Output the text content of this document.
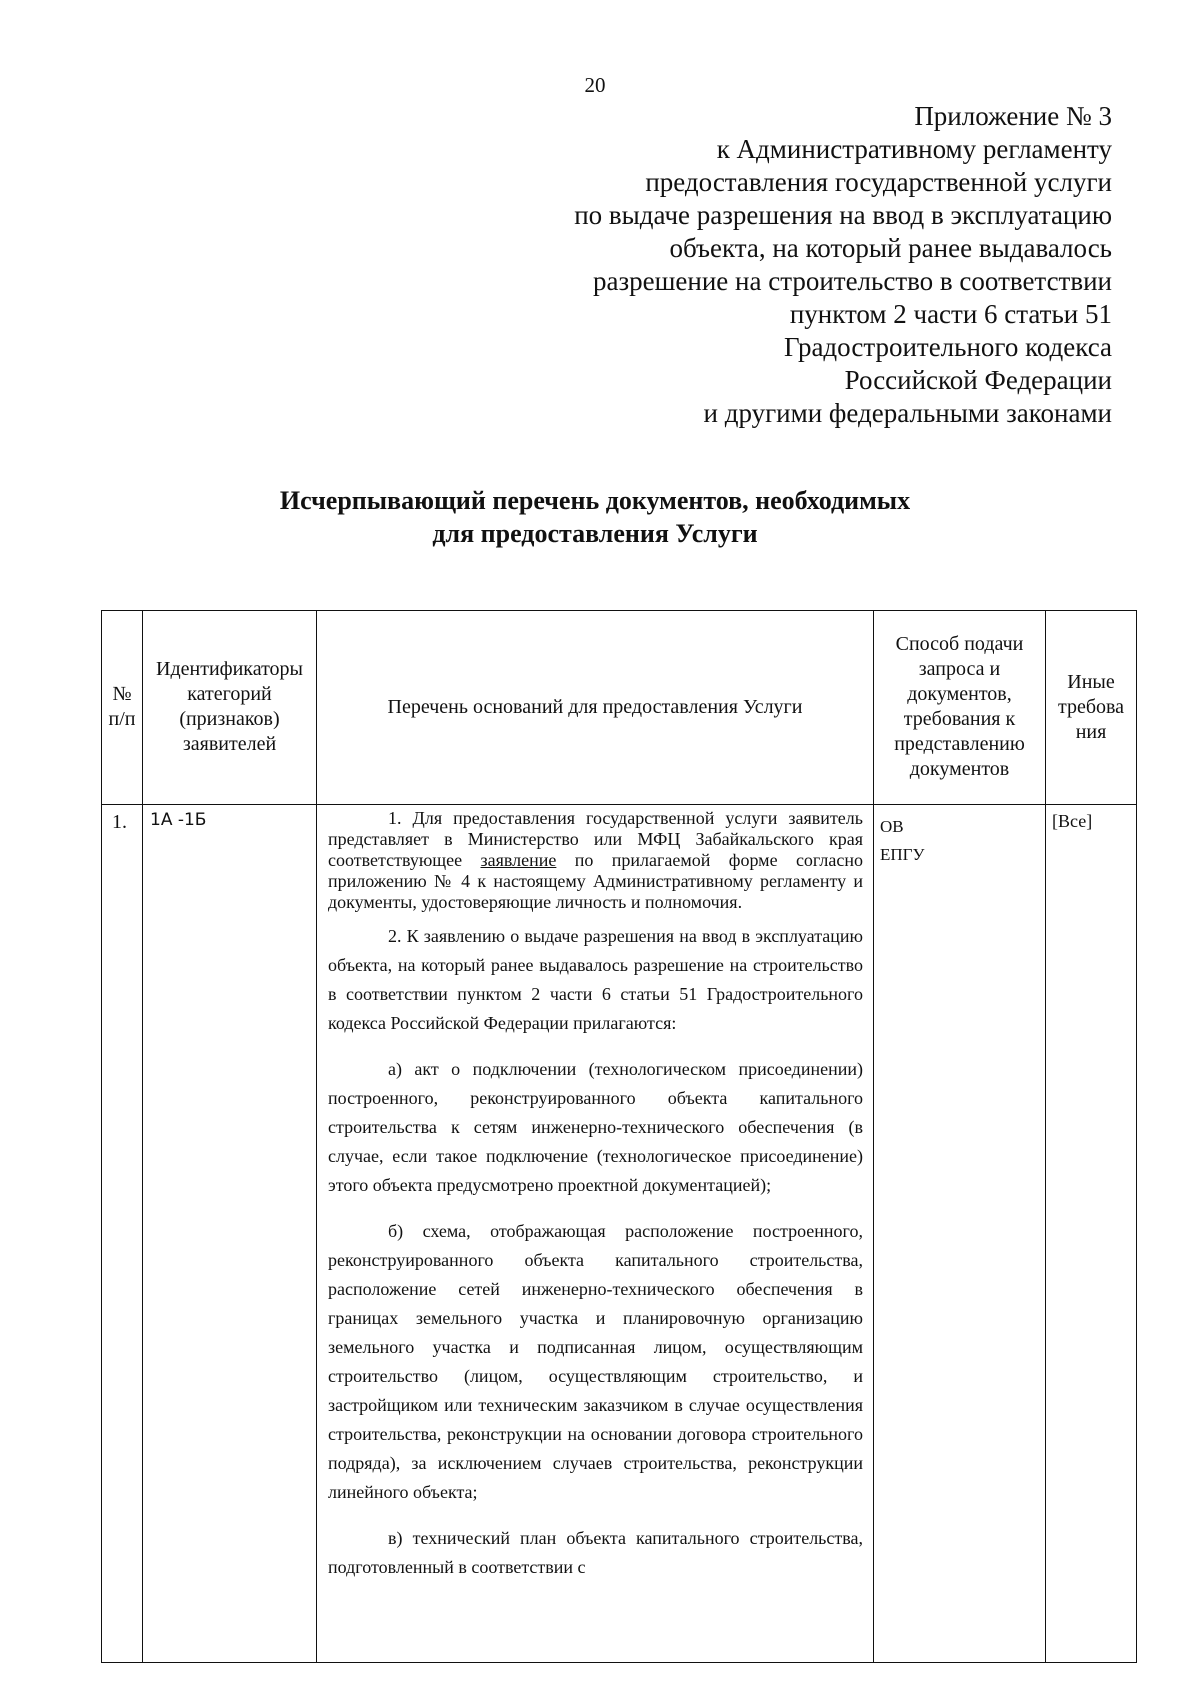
20
Приложение № 3
к Административному регламенту
предоставления государственной услуги
по выдаче разрешения на ввод в эксплуатацию
объекта, на который ранее выдавалось
разрешение на строительство в соответствии
пунктом 2 части 6 статьи 51
Градостроительного кодекса
Российской Федерации
и другими федеральными законами
Исчерпывающий перечень документов, необходимых
для предоставления Услуги
№ п/п
Идентификаторы категорий (признаков) заявителей
Перечень оснований для предоставления Услуги
Способ подачи запроса и документов, требования к представлению документов
Иные требова ния
1. 1А -1Б	1. Для предоставления государственной услуги заявитель представляет в Министерство или МФЦ Забайкальского края соответствующее заявление по прилагаемой форме согласно приложению № 4 к настоящему Административному регламенту и документы, удостоверяющие личность и полномочия.

2. К заявлению о выдаче разрешения на ввод в эксплуатацию объекта, на который ранее выдавалось разрешение на строительство в соответствии пунктом 2 части 6 статьи 51 Градостроительного кодекса Российской Федерации прилагаются:

а) акт о подключении (технологическом присоединении) построенного, реконструированного объекта капитального строительства к сетям инженерно-технического обеспечения (в случае, если такое подключение (технологическое присоединение) этого объекта предусмотрено проектной документацией);

б) схема, отображающая расположение построенного, реконструированного объекта капитального строительства, расположение сетей инженерно-технического обеспечения в границах земельного участка и планировочную организацию земельного участка и подписанная лицом, осуществляющим строительство (лицом, осуществляющим строительство, и застройщиком или техническим заказчиком в случае осуществления строительства, реконструкции на основании договора строительного подряда), за исключением случаев строительства, реконструкции линейного объекта;

в) технический план объекта капитального строительства, подготовленный в соответствии с

ОВ
ЕПГУ
[Все]
